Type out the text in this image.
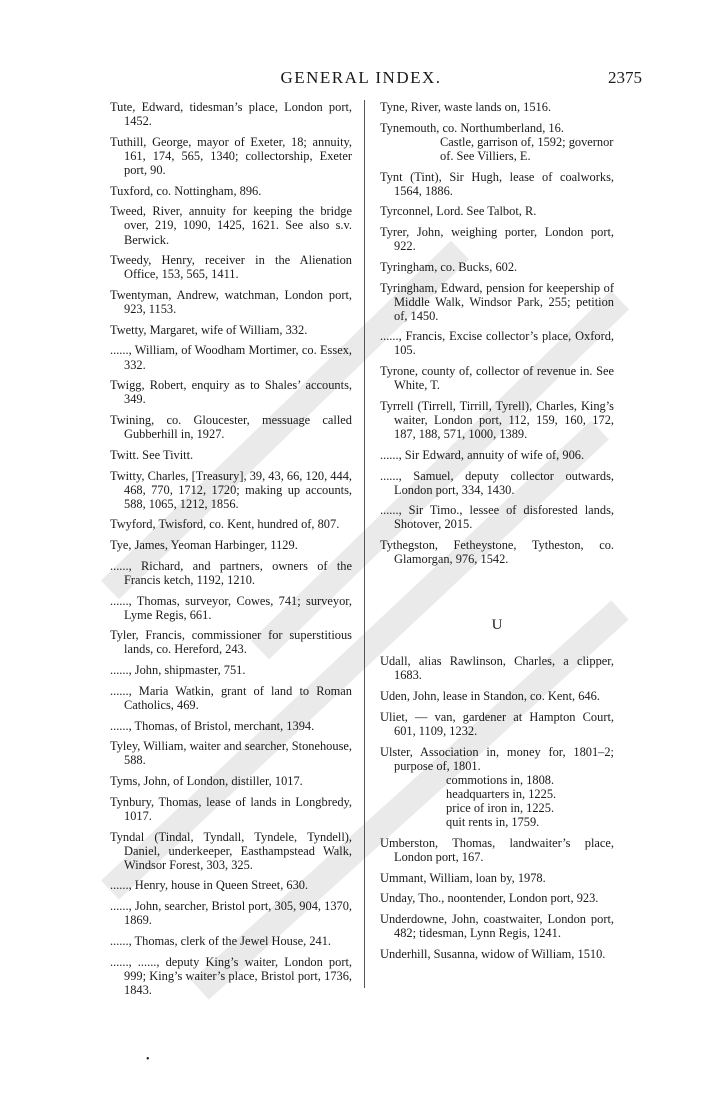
GENERAL INDEX.	2375
Tute, Edward, tidesman’s place, London port, 1452.
Tuthill, George, mayor of Exeter, 18; annuity, 161, 174, 565, 1340; collectorship, Exeter port, 90.
Tuxford, co. Nottingham, 896.
Tweed, River, annuity for keeping the bridge over, 219, 1090, 1425, 1621. See also s.v. Berwick.
Tweedy, Henry, receiver in the Alienation Office, 153, 565, 1411.
Twentyman, Andrew, watchman, London port, 923, 1153.
Twetty, Margaret, wife of William, 332.
......, William, of Woodham Mortimer, co. Essex, 332.
Twigg, Robert, enquiry as to Shales’ accounts, 349.
Twining, co. Gloucester, messuage called Gubberhill in, 1927.
Twitt. See Tivitt.
Twitty, Charles, [Treasury], 39, 43, 66, 120, 444, 468, 770, 1712, 1720; making up accounts, 588, 1065, 1212, 1856.
Twyford, Twisford, co. Kent, hundred of, 807.
Tye, James, Yeoman Harbinger, 1129.
......, Richard, and partners, owners of the Francis ketch, 1192, 1210.
......, Thomas, surveyor, Cowes, 741; surveyor, Lyme Regis, 661.
Tyler, Francis, commissioner for superstitious lands, co. Hereford, 243.
......, John, shipmaster, 751.
......, Maria Watkin, grant of land to Roman Catholics, 469.
......, Thomas, of Bristol, merchant, 1394.
Tyley, William, waiter and searcher, Stonehouse, 588.
Tyms, John, of London, distiller, 1017.
Tynbury, Thomas, lease of lands in Longbredy, 1017.
Tyndal (Tindal, Tyndall, Tyndele, Tyndell), Daniel, underkeeper, Easthampstead Walk, Windsor Forest, 303, 325.
......, Henry, house in Queen Street, 630.
......, John, searcher, Bristol port, 305, 904, 1370, 1869.
......, Thomas, clerk of the Jewel House, 241.
......, ......, deputy King’s waiter, London port, 999; King’s waiter’s place, Bristol port, 1736, 1843.
Tyne, River, waste lands on, 1516.
Tynemouth, co. Northumberland, 16.
Castle, garrison of, 1592; governor of. See Villiers, E.
Tynt (Tint), Sir Hugh, lease of coalworks, 1564, 1886.
Tyrconnel, Lord. See Talbot, R.
Tyrer, John, weighing porter, London port, 922.
Tyringham, co. Bucks, 602.
Tyringham, Edward, pension for keepership of Middle Walk, Windsor Park, 255; petition of, 1450.
......, Francis, Excise collector’s place, Oxford, 105.
Tyrone, county of, collector of revenue in. See White, T.
Tyrrell (Tirrell, Tirrill, Tyrell), Charles, King’s waiter, London port, 112, 159, 160, 172, 187, 188, 571, 1000, 1389.
......, Sir Edward, annuity of wife of, 906.
......, Samuel, deputy collector outwards, London port, 334, 1430.
......, Sir Timo., lessee of disforested lands, Shotover, 2015.
Tythegston, Fetheystone, Tytheston, co. Glamorgan, 976, 1542.
U
Udall, alias Rawlinson, Charles, a clipper, 1683.
Uden, John, lease in Standon, co. Kent, 646.
Uliet, — van, gardener at Hampton Court, 601, 1109, 1232.
Ulster, Association in, money for, 1801–2; purpose of, 1801.
commotions in, 1808.
headquarters in, 1225.
price of iron in, 1225.
quit rents in, 1759.
Umberston, Thomas, landwaiter’s place, London port, 167.
Ummant, William, loan by, 1978.
Unday, Tho., noontender, London port, 923.
Underdowne, John, coastwaiter, London port, 482; tidesman, Lynn Regis, 1241.
Underhill, Susanna, widow of William, 1510.
•
